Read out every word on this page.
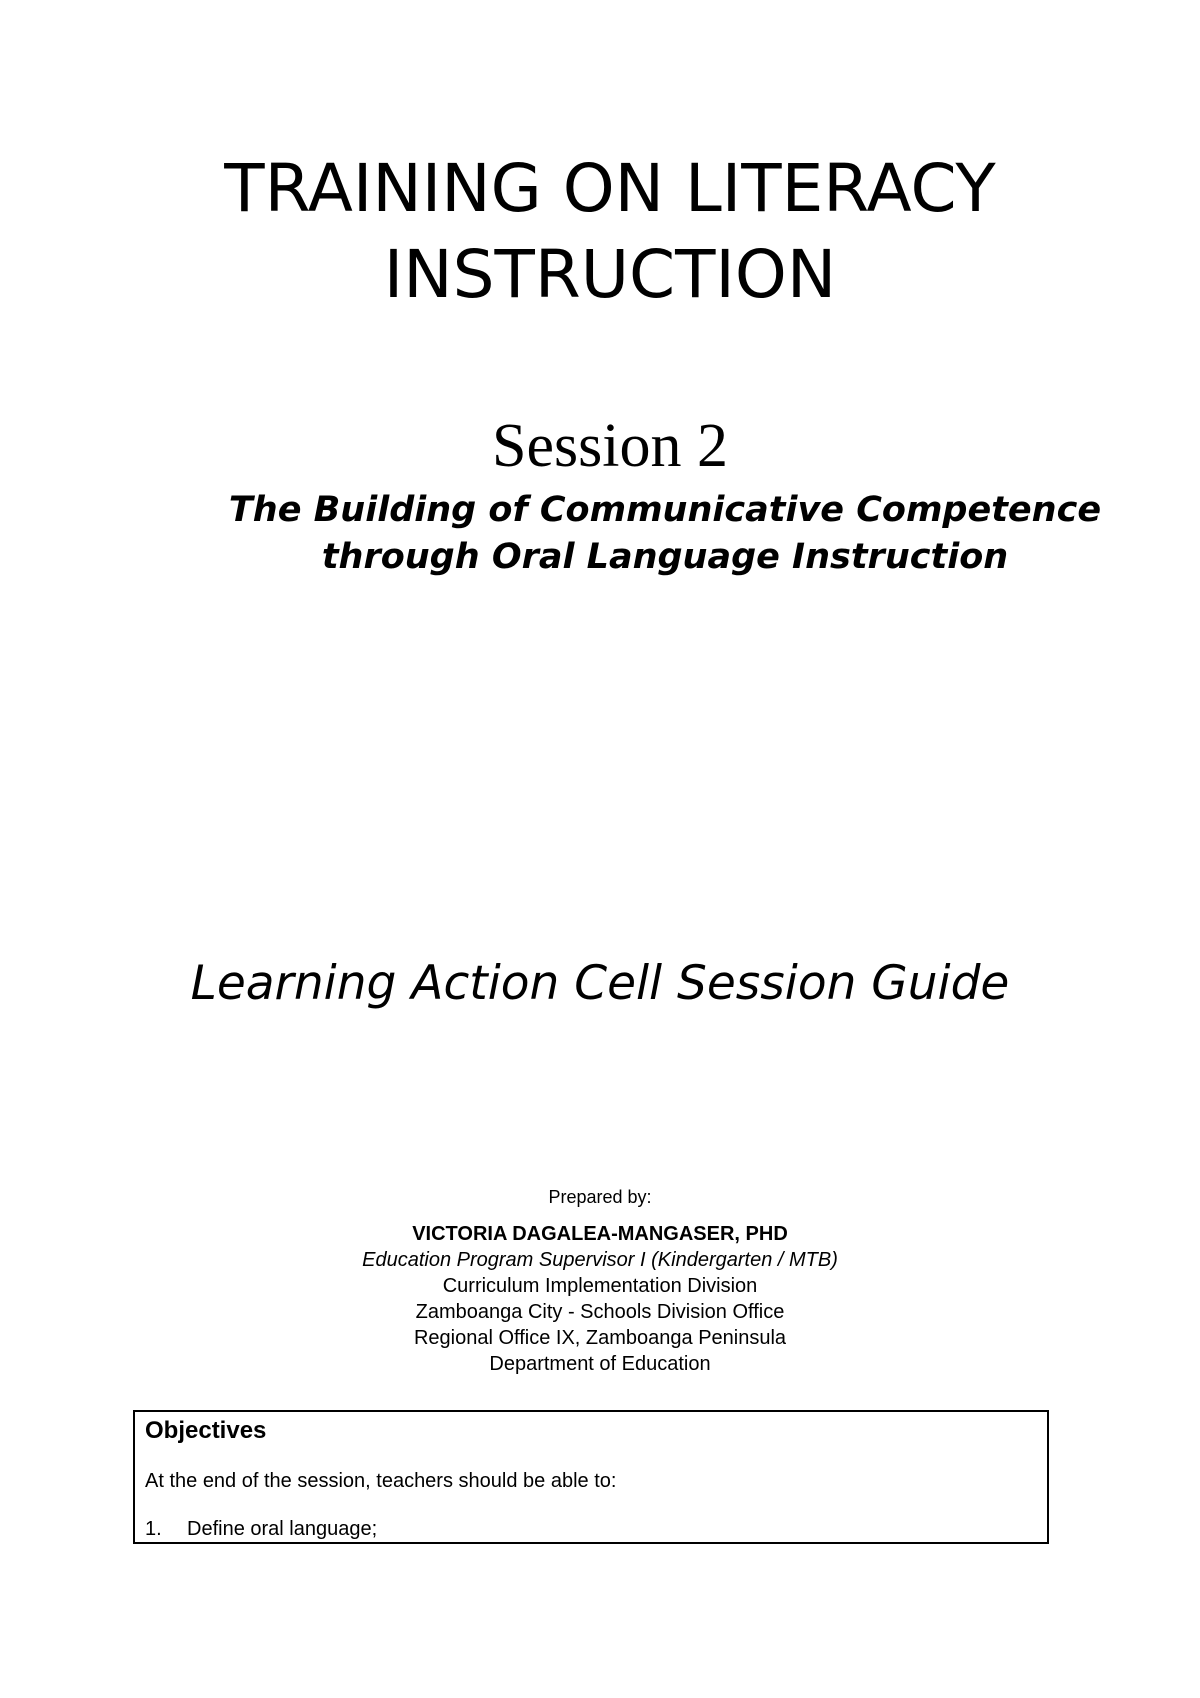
TRAINING ON LITERACY
INSTRUCTION
Session 2
The Building of Communicative Competence
through Oral Language Instruction
Learning Action Cell Session Guide
Prepared by:
VICTORIA DAGALEA-MANGASER, PHD
Education Program Supervisor I (Kindergarten / MTB)
Curriculum Implementation Division
Zamboanga City - Schools Division Office
Regional Office IX, Zamboanga Peninsula
Department of Education
Objectives
At the end of the session, teachers should be able to:
1.	Define oral language;
